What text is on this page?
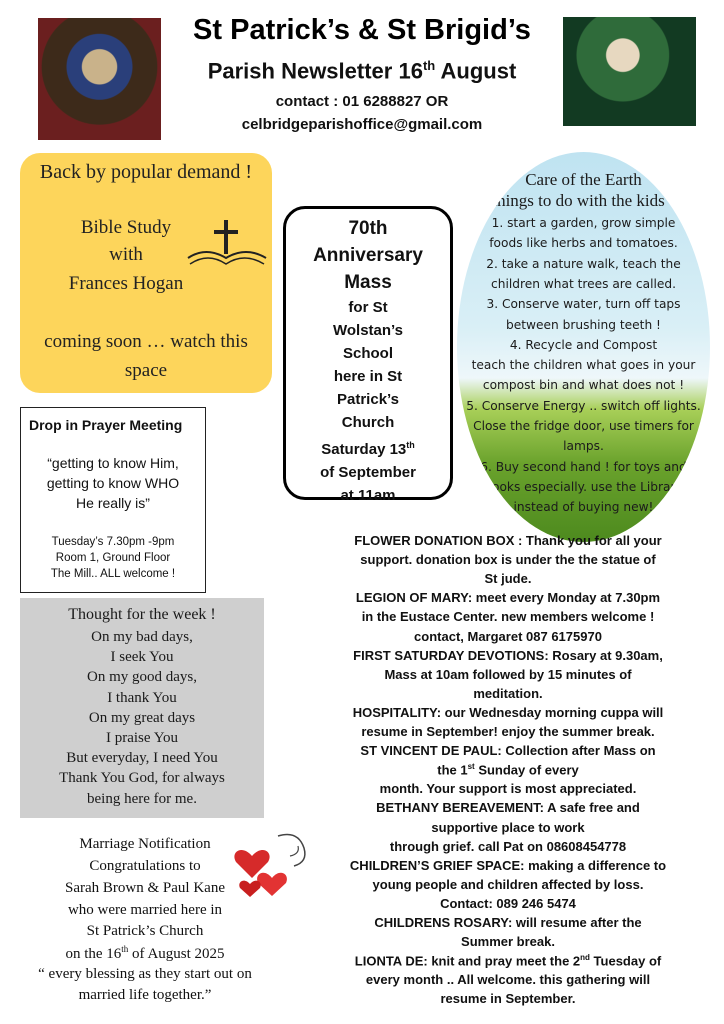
St Patrick’s & St Brigid’s
Parish Newsletter 16th August
contact : 01 6288827 OR
celbridgeparishoffice@gmail.com
Back by popular demand !
Bible Study
with
Frances Hogan
coming soon … watch this
space
70th
Anniversary
Mass
for St
Wolstan’s
School
here in St
Patrick’s
Church
Saturday 13th
of September
at 11am
Care of the Earth
things to do with the kids !
1. start a garden, grow simple
foods like herbs and tomatoes.
2. take a nature walk, teach the
children what trees are called.
3. Conserve water, turn off taps
between brushing teeth !
4. Recycle and Compost
teach the children what goes in your
compost bin and what does not !
5. Conserve Energy .. switch off lights.
Close the fridge door, use timers for
lamps.
6. Buy second hand ! for toys and
books especially. use the Library
instead of buying new!
Drop in Prayer Meeting
“getting to know Him,
getting to know WHO
He really is”
Tuesday’s 7.30pm -9pm
Room 1, Ground Floor
The Mill.. ALL welcome !
Thought for the week !
On my bad days,
I seek You
On my good days,
I thank You
On my great days
I praise You
But everyday, I need You
Thank You God, for always
being here for me.
Marriage Notification
Congratulations to
Sarah Brown & Paul Kane
who were married here in
St Patrick’s Church
on the 16th of August 2025
“ every blessing as they start out on
married life together.”
FLOWER DONATION BOX : Thank you for all your
support. donation box is under the the statue of
St jude.
LEGION OF MARY: meet every Monday at 7.30pm
in the Eustace Center. new members welcome !
contact, Margaret 087 6175970
FIRST SATURDAY DEVOTIONS: Rosary at 9.30am,
Mass at 10am followed by 15 minutes of
meditation.
HOSPITALITY: our Wednesday morning cuppa will
resume in September! enjoy the summer break.
ST VINCENT DE PAUL: Collection after Mass on
the 1st Sunday of every
month. Your support is most appreciated.
BETHANY BEREAVEMENT: A safe free and
supportive place to work
through grief. call Pat on 08608454778
CHILDREN’S GRIEF SPACE: making a difference to
young people and children affected by loss.
Contact: 089 246 5474
CHILDRENS ROSARY: will resume after the
Summer break.
LIONTA DE: knit and pray meet the 2nd Tuesday of
every month .. All welcome. this gathering will
resume in September.
